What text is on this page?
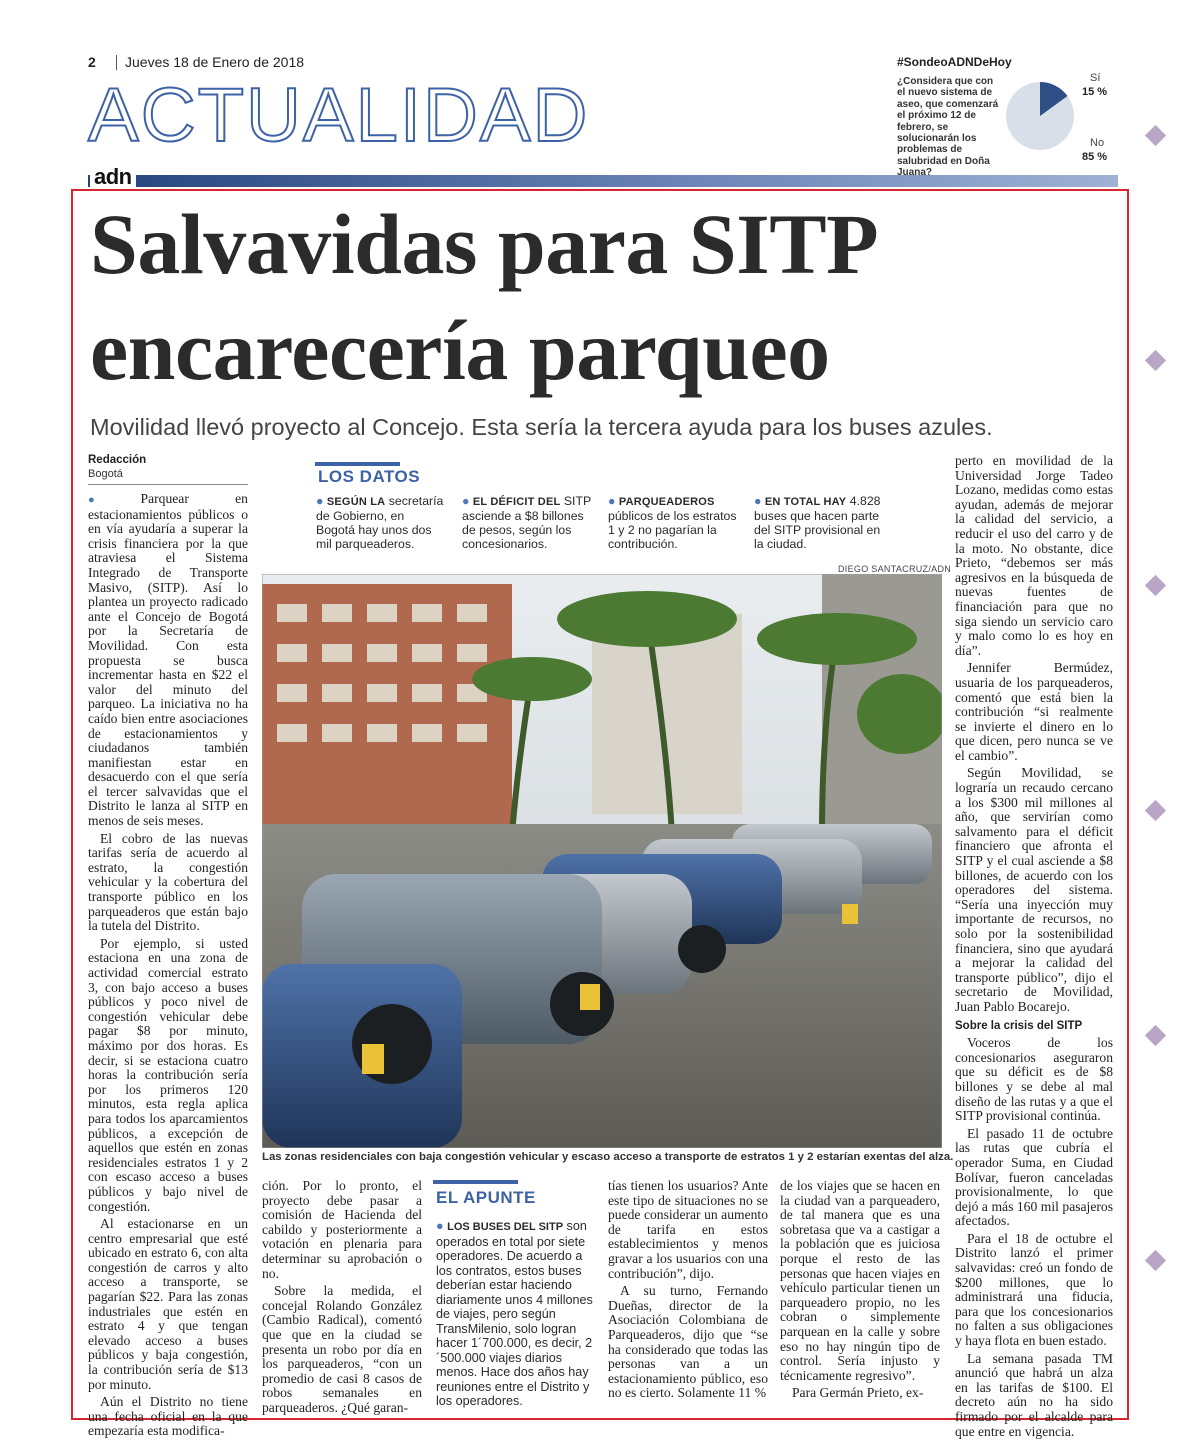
2 Jueves 18 de Enero de 2018
ACTUALIDAD
adn
#SondeoADNDeHoy
¿Considera que con el nuevo sistema de aseo, que comenzará el próximo 12 de febrero, se solucionarán los problemas de salubridad en Doña Juana?
Sí
15 %
No
85 %
Salvavidas para SITP
encarecería parqueo
Movilidad llevó proyecto al Concejo. Esta sería la tercera ayuda para los buses azules.
Redacción
Bogotá

● Parquear en estacionamientos públicos o en vía ayudaría a superar la crisis financiera por la que atraviesa el Sistema Integrado de Transporte Masivo, (SITP). Así lo plantea un proyecto radicado ante el Concejo de Bogotá por la Secretaría de Movilidad. Con esta propuesta se busca incrementar hasta en $22 el valor del minuto del parqueo. La iniciativa no ha caído bien entre asociaciones de estacionamientos y ciudadanos también manifiestan estar en desacuerdo con el que sería el tercer salvavidas que el Distrito le lanza al SITP en menos de seis meses.

El cobro de las nuevas tarifas sería de acuerdo al estrato, la congestión vehicular y la cobertura del transporte público en los parqueaderos que están bajo la tutela del Distrito.

Por ejemplo, si usted estaciona en una zona de actividad comercial estrato 3, con bajo acceso a buses públicos y poco nivel de congestión vehicular debe pagar $8 por minuto, máximo por dos horas. Es decir, si se estaciona cuatro horas la contribución sería por los primeros 120 minutos, esta regla aplica para todos los aparcamientos públicos, a excepción de aquellos que estén en zonas residenciales estratos 1 y 2 con escaso acceso a buses públicos y bajo nivel de congestión.

Al estacionarse en un centro empresarial que esté ubicado en estrato 6, con alta congestión de carros y alto acceso a transporte, se pagarían $22. Para las zonas industriales que estén en estrato 4 y que tengan elevado acceso a buses públicos y baja congestión, la contribución sería de $13 por minuto.

Aún el Distrito no tiene una fecha oficial en la que empezaría esta modifica-

LOS DATOS
● SEGÚN LA secretaría de Gobierno, en Bogotá hay unos dos mil parqueaderos.
● EL DÉFICIT DEL SITP asciende a $8 billones de pesos, según los concesionarios.
● PARQUEADEROS públicos de los estratos 1 y 2 no pagarían la contribución.
● EN TOTAL HAY 4.828 buses que hacen parte del SITP provisional en la ciudad.
DIEGO SANTACRUZ/ADN
Las zonas residenciales con baja congestión vehicular y escaso acceso a transporte de estratos 1 y 2 estarían exentas del alza.

ción. Por lo pronto, el proyecto debe pasar a comisión de Hacienda del cabildo y posteriormente a votación en plenaria para determinar su aprobación o no.

Sobre la medida, el concejal Rolando González (Cambio Radical), comentó que que en la ciudad se presenta un robo por día en los parqueaderos, “con un promedio de casi 8 casos de robos semanales en parqueaderos. ¿Qué garan-

EL APUNTE
● LOS BUSES DEL SITP son operados en total por siete operadores. De acuerdo a los contratos, estos buses deberían estar haciendo diariamente unos 4 millones de viajes, pero según TransMilenio, solo logran hacer 1´700.000, es decir, 2´500.000 viajes diarios menos. Hace dos años hay reuniones entre el Distrito y los operadores.

tías tienen los usuarios? Ante este tipo de situaciones no se puede considerar un aumento de tarifa en estos establecimientos y menos gravar a los usuarios con una contribución”, dijo.

A su turno, Fernando Dueñas, director de la Asociación Colombiana de Parqueaderos, dijo que “se ha considerado que todas las personas van a un estacionamiento público, eso no es cierto. Solamente 11 %

de los viajes que se hacen en la ciudad van a parqueadero, de tal manera que es una sobretasa que va a castigar a la población que es juiciosa porque el resto de las personas que hacen viajes en vehículo particular tienen un parqueadero propio, no les cobran o simplemente parquean en la calle y sobre eso no hay ningún tipo de control. Sería injusto y técnicamente regresivo”.

Para Germán Prieto, ex-

perto en movilidad de la Universidad Jorge Tadeo Lozano, medidas como estas ayudan, además de mejorar la calidad del servicio, a reducir el uso del carro y de la moto. No obstante, dice Prieto, “debemos ser más agresivos en la búsqueda de nuevas fuentes de financiación para que no siga siendo un servicio caro y malo como lo es hoy en día”.

Jennifer Bermúdez, usuaria de los parqueaderos, comentó que está bien la contribución “si realmente se invierte el dinero en lo que dicen, pero nunca se ve el cambio”.

Según Movilidad, se lograría un recaudo cercano a los $300 mil millones al año, que servirían como salvamento para el déficit financiero que afronta el SITP y el cual asciende a $8 billones, de acuerdo con los operadores del sistema. “Sería una inyección muy importante de recursos, no solo por la sostenibilidad financiera, sino que ayudará a mejorar la calidad del transporte público”, dijo el secretario de Movilidad, Juan Pablo Bocarejo.

Sobre la crisis del SITP

Voceros de los concesionarios aseguraron que su déficit es de $8 billones y se debe al mal diseño de las rutas y a que el SITP provisional continúa.

El pasado 11 de octubre las rutas que cubría el operador Suma, en Ciudad Bolívar, fueron canceladas provisionalmente, lo que dejó a más 160 mil pasajeros afectados.

Para el 18 de octubre el Distrito lanzó el primer salvavidas: creó un fondo de $200 millones, que lo administrará una fiducia, para que los concesionarios no falten a sus obligaciones y haya flota en buen estado.

La semana pasada TM anunció que habrá un alza en las tarifas de $100. El decreto aún no ha sido firmado por el alcalde para que entre en vigencia.
